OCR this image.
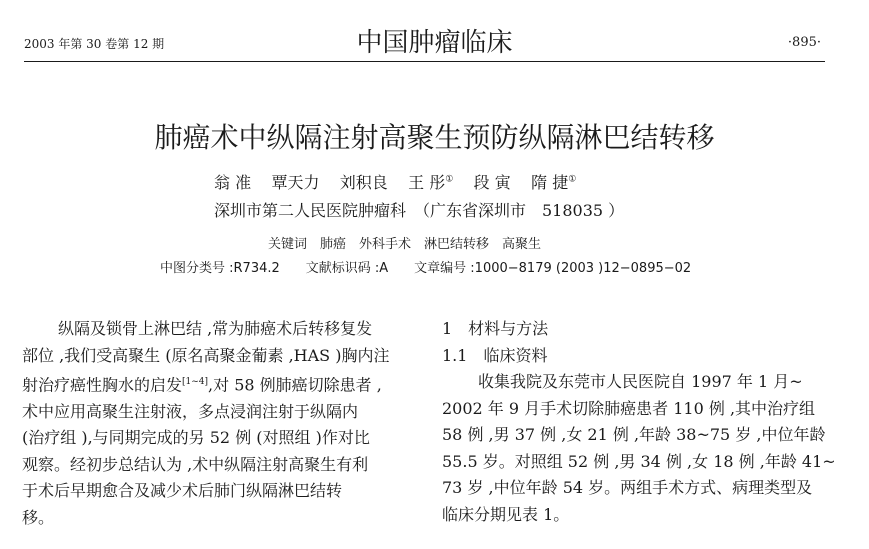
2003 年第 30 卷第 12 期	中国肿瘤临床	·895·
肺癌术中纵隔注射高聚生预防纵隔淋巴结转移
翁 准 覃天力 刘积良 王 彤① 段 寅 隋 捷①
深圳市第二人民医院肿瘤科　（广东省深圳市　518035 ）
关键词　肺癌　外科手术　淋巴结转移　高聚生
中图分类号 :R734.2　　文献标识码 :A　　文章编号 :1000−8179 (2003 )12−0895−02

纵隔及锁骨上淋巴结 ,常为肺癌术后转移复发

部位 ,我们受高聚生 (原名高聚金葡素 ,HAS )胸内注

射治疗癌性胸水的启发[1~4],对 58 例肺癌切除患者 ,

术中应用高聚生注射液，多点浸润注射于纵隔内

(治疗组 ),与同期完成的另 52 例 (对照组 )作对比

观察。经初步总结认为 ,术中纵隔注射高聚生有利

于术后早期愈合及减少术后肺门纵隔淋巴结转

移。

1　材料与方法

1.1　临床资料

收集我院及东莞市人民医院自 1997 年 1 月~

2002 年 9 月手术切除肺癌患者 110 例 ,其中治疗组

58 例 ,男 37 例 ,女 21 例 ,年龄 38~75 岁 ,中位年龄

55.5 岁。对照组 52 例 ,男 34 例 ,女 18 例 ,年龄 41~

73 岁 ,中位年龄 54 岁。两组手术方式、病理类型及

临床分期见表 1。
